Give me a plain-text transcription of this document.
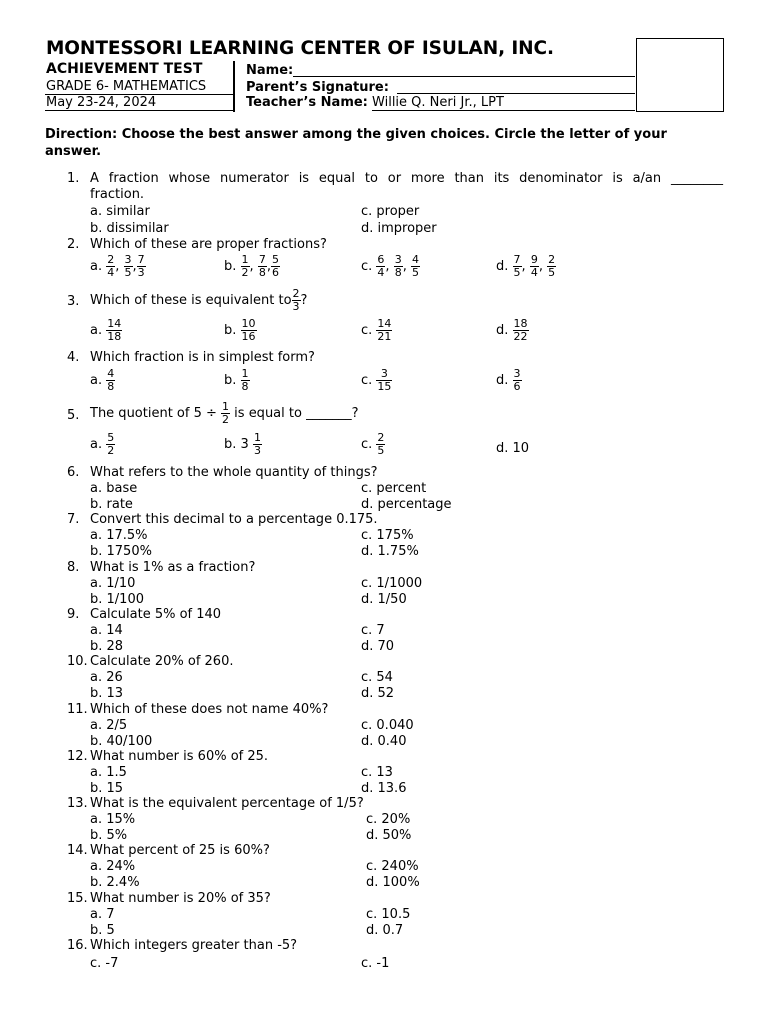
MONTESSORI LEARNING CENTER OF ISULAN, INC.
ACHIEVEMENT TEST
GRADE 6- MATHEMATICS
May 23-24, 2024
Name:
Parent’s Signature:
Teacher’s Name: Willie Q. Neri Jr., LPT
Direction: Choose the best answer among the given choices. Circle the letter of your answer.
1. A fraction whose numerator is equal to or more than its denominator is a/an ________
fraction.
a. similar	c. proper
b. dissimilar	d. improper
2. Which of these are proper fractions?
a. $\frac{2}{4}$ , $\frac{3}{5}$ , $\frac{7}{3}$	b. $\frac{1}{2}$ , $\frac{7}{8}$ , $\frac{5}{6}$	c. $\frac{6}{4}$ , $\frac{3}{8}$ , $\frac{4}{5}$	d. $\frac{7}{5}$ , $\frac{9}{4}$ , $\frac{2}{5}$
3. Which of these is equivalent to $\frac{2}{3}$ ?
a. $\frac{14}{18}$	b. $\frac{10}{16}$	c. $\frac{14}{21}$	d. $\frac{18}{22}$
4. Which fraction is in simplest form?
a. $\frac{4}{8}$	b. $\frac{1}{8}$	c. $\frac{3}{15}$	d. $\frac{3}{6}$
5. The quotient of $5 \div \frac{1}{2}$ is equal to _______?
a. $\frac{5}{2}$	b. $3 \frac{1}{3}$	c. $\frac{2}{5}$	d. 10
6. What refers to the whole quantity of things?
a. base	c. percent
b. rate	d. percentage
7. Convert this decimal to a percentage 0.175.
a. 17.5%	c. 175%
b. 1750%	d. 1.75%
8. What is 1% as a fraction?
a. 1/10	c. 1/1000
b. 1/100	d. 1/50
9. Calculate 5% of 140
a. 14	c. 7
b. 28	d. 70
10. Calculate 20% of 260.
a. 26	c. 54
b. 13	d. 52
11. Which of these does not name 40%?
a. 2/5	c. 0.040
b. 40/100	d. 0.40
12. What number is 60% of 25.
a. 1.5	c. 13
b. 15	d. 13.6
13. What is the equivalent percentage of 1/5?
a. 15%	c. 20%
b. 5%	d. 50%
14. What percent of 25 is 60%?
a. 24%	c. 240%
b. 2.4%	d. 100%
15. What number is 20% of 35?
a. 7	c. 10.5
b. 5	d. 0.7
16. Which integers greater than -5?
c. -7	c. -1
